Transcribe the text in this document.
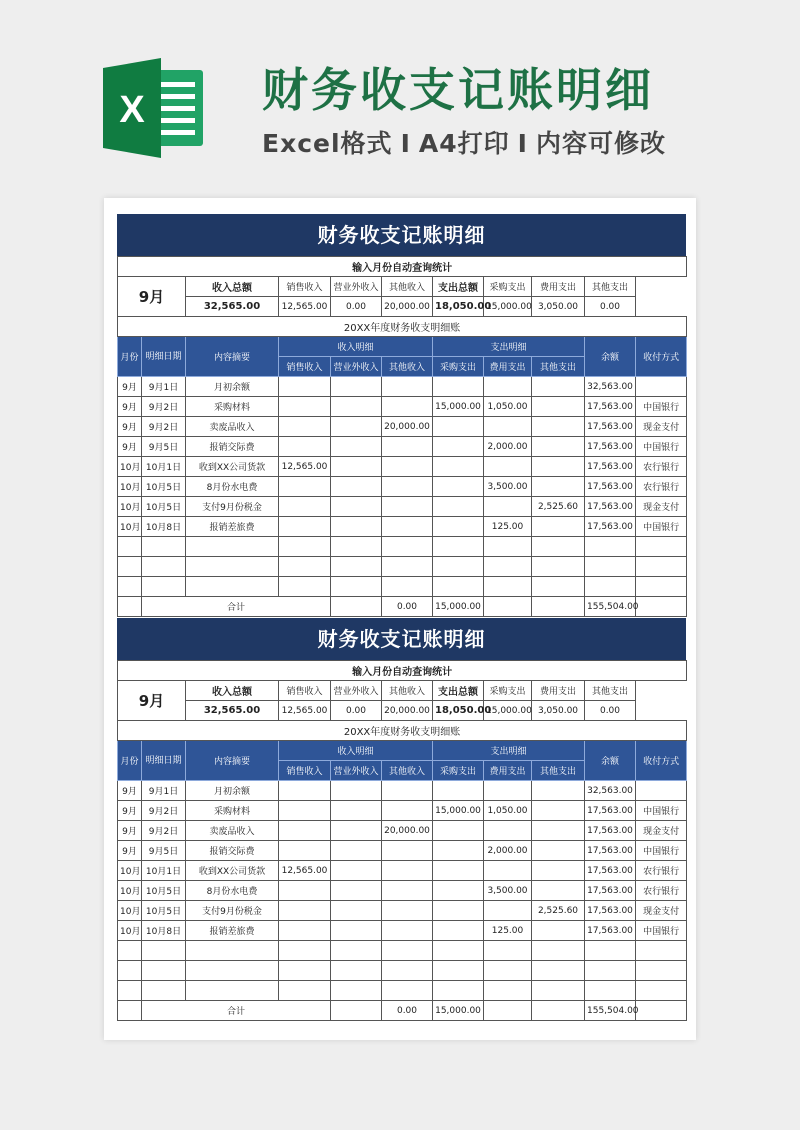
X	财务收支记账明细
Excel格式 I A4打印 I 内容可修改
财务收支记账明细
输入月份自动查询统计										
9月		收入总额	销售收入	营业外收入	其他收入	支出总额	采购支出	费用支出	其他支出	
		32,565.00	12,565.00	0.00	20,000.00	18,050.00	15,000.00	3,050.00	0.00	
20XX年度财务收支明细账										
月份	明细日期	内容摘要	收入明细			支出明细			余额	收付方式
			销售收入	营业外收入	其他收入	采购支出	费用支出	其他支出		
9月	9月1日	月初余额							32,563.00	
9月	9月2日	采购材料				15,000.00	1,050.00		17,563.00	中国银行
9月	9月2日	卖废品收入			20,000.00				17,563.00	现金支付
9月	9月5日	报销交际费					2,000.00		17,563.00	中国银行
10月	10月1日	收到XX公司货款	12,565.00						17,563.00	农行银行
10月	10月5日	8月份水电费					3,500.00		17,563.00	农行银行
10月	10月5日	支付9月份税金						2,525.60	17,563.00	现金支付
10月	10月8日	报销差旅费					125.00		17,563.00	中国银行

	合计				0.00	15,000.00			155,504.00	
财务收支记账明细
输入月份自动查询统计										
9月		收入总额	销售收入	营业外收入	其他收入	支出总额	采购支出	费用支出	其他支出	
		32,565.00	12,565.00	0.00	20,000.00	18,050.00	15,000.00	3,050.00	0.00	
20XX年度财务收支明细账										
月份	明细日期	内容摘要	收入明细			支出明细			余额	收付方式
			销售收入	营业外收入	其他收入	采购支出	费用支出	其他支出		
9月	9月1日	月初余额							32,563.00	
9月	9月2日	采购材料				15,000.00	1,050.00		17,563.00	中国银行
9月	9月2日	卖废品收入			20,000.00				17,563.00	现金支付
9月	9月5日	报销交际费					2,000.00		17,563.00	中国银行
10月	10月1日	收到XX公司货款	12,565.00						17,563.00	农行银行
10月	10月5日	8月份水电费					3,500.00		17,563.00	农行银行
10月	10月5日	支付9月份税金						2,525.60	17,563.00	现金支付
10月	10月8日	报销差旅费					125.00		17,563.00	中国银行

	合计				0.00	15,000.00			155,504.00	
